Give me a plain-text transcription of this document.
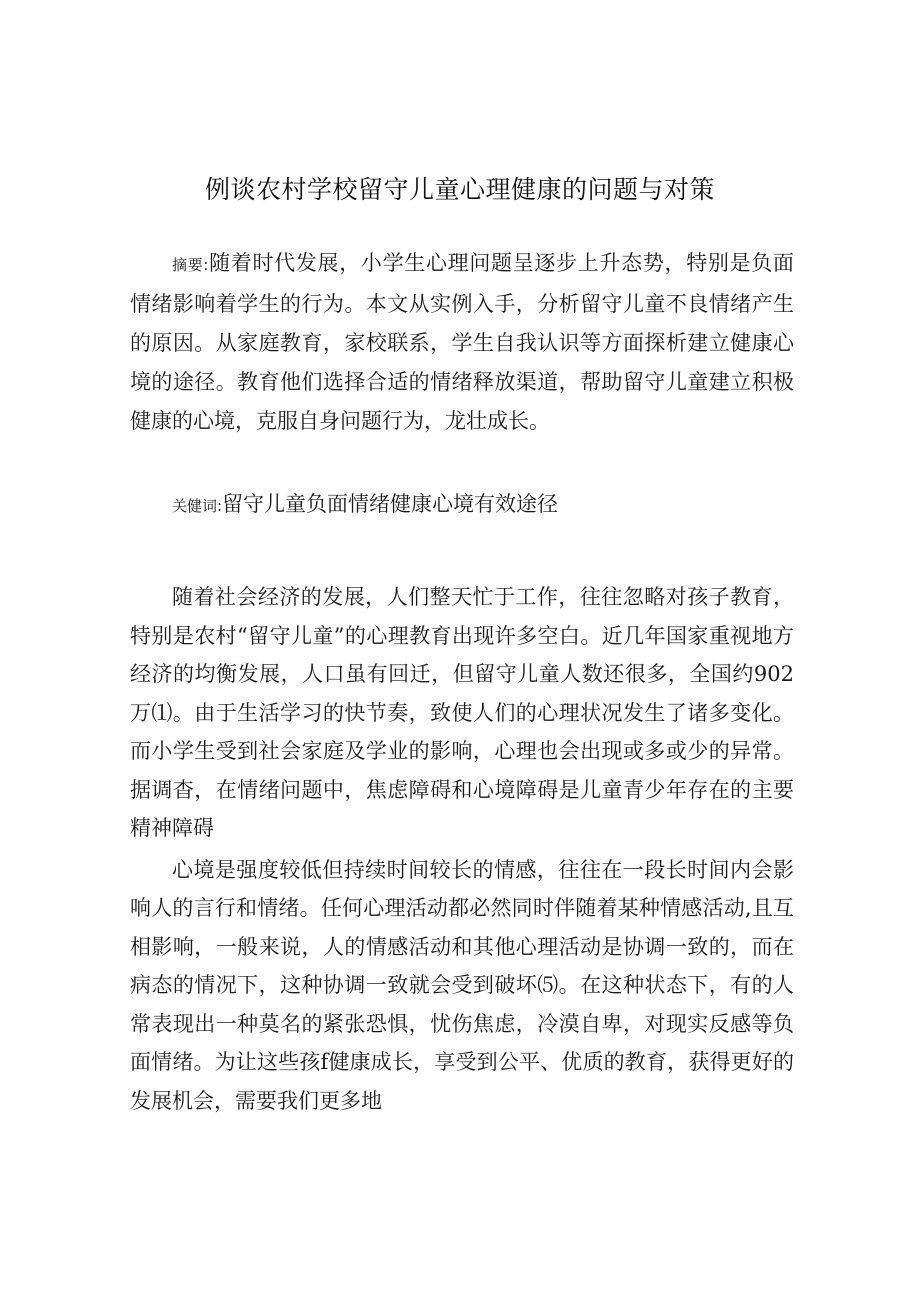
例谈农村学校留守儿童心理健康的问题与对策

摘要:随着时代发展，小学生心理问题呈逐步上升态势，特别是负面情绪影响着学生的行为。本文从实例入手，分析留守儿童不良情绪产生的原因。从家庭教育，家校联系，学生自我认识等方面探析建立健康心境的途径。教育他们选择合适的情绪释放渠道，帮助留守儿童建立积极健康的心境，克服自身问题行为，龙壮成长。

关健词:留守儿童负面情绪健康心境有效途径

随着社会经济的发展，人们整天忙于工作，往往忽略对孩子教育，特别是农村“留守儿童”的心理教育出现许多空白。近几年国家重视地方经济的均衡发展，人口虽有回迁，但留守儿童人数还很多，全国约902万⑴。由于生活学习的快节奏，致使人们的心理状况发生了诸多变化。而小学生受到社会家庭及学业的影响，心理也会出现或多或少的异常。据调杳，在情绪问题中，焦虑障碍和心境障碍是儿童青少年存在的主要精神障碍

心境是强度较低但持续时间较长的情感，往往在一段长时间内会影响人的言行和情绪。任何心理活动都必然同时伴随着某种情感活动,且互相影响，一般来说，人的情感活动和其他心理活动是协调一致的，而在病态的情况下，这种协调一致就会受到破坏⑸。在这种状态下，有的人常表现出一种莫名的紧张恐惧，忧伤焦虑，冷漠自卑，对现实反感等负面情绪。为让这些孩f健康成长，享受到公平、优质的教育，获得更好的发展机会，需要我们更多地
